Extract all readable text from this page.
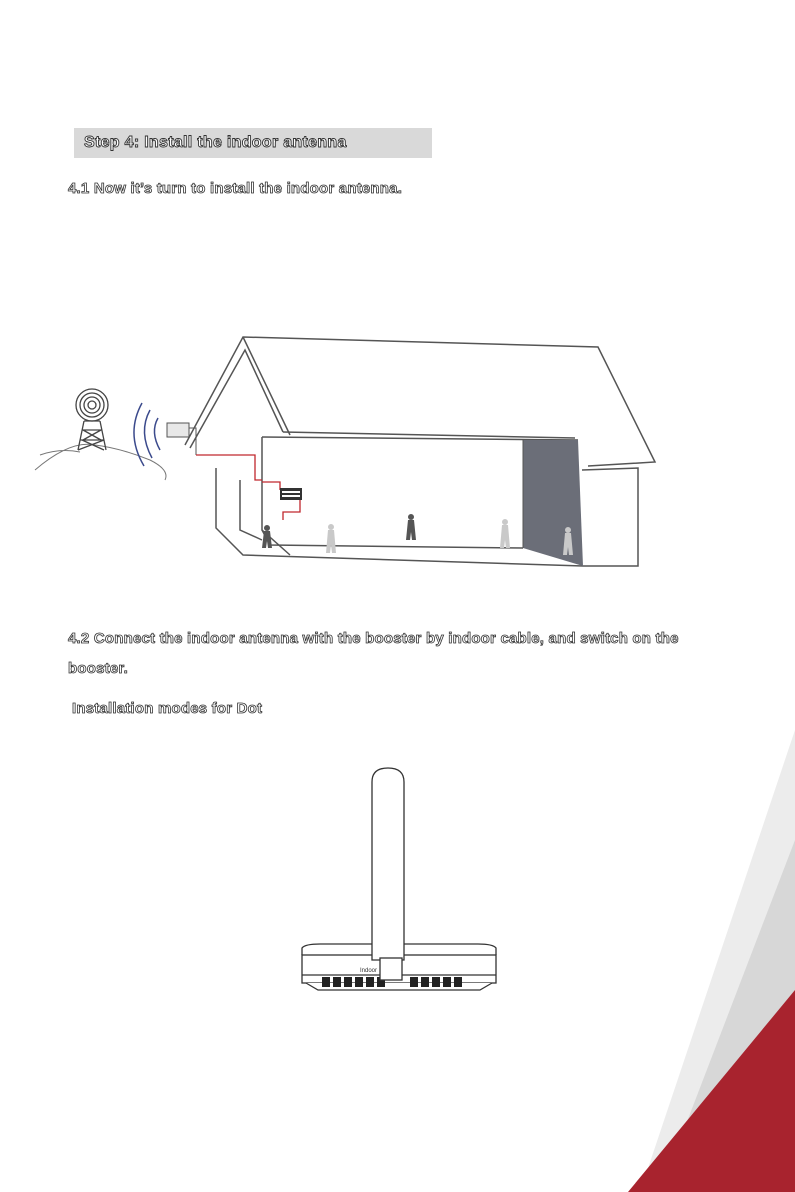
Step 4: Install the indoor antenna
4.1 Now it’s turn to install the indoor antenna.
4.2 Connect the indoor antenna with the booster by indoor cable, and switch on the booster.
Installation modes for Dot
Indoor
